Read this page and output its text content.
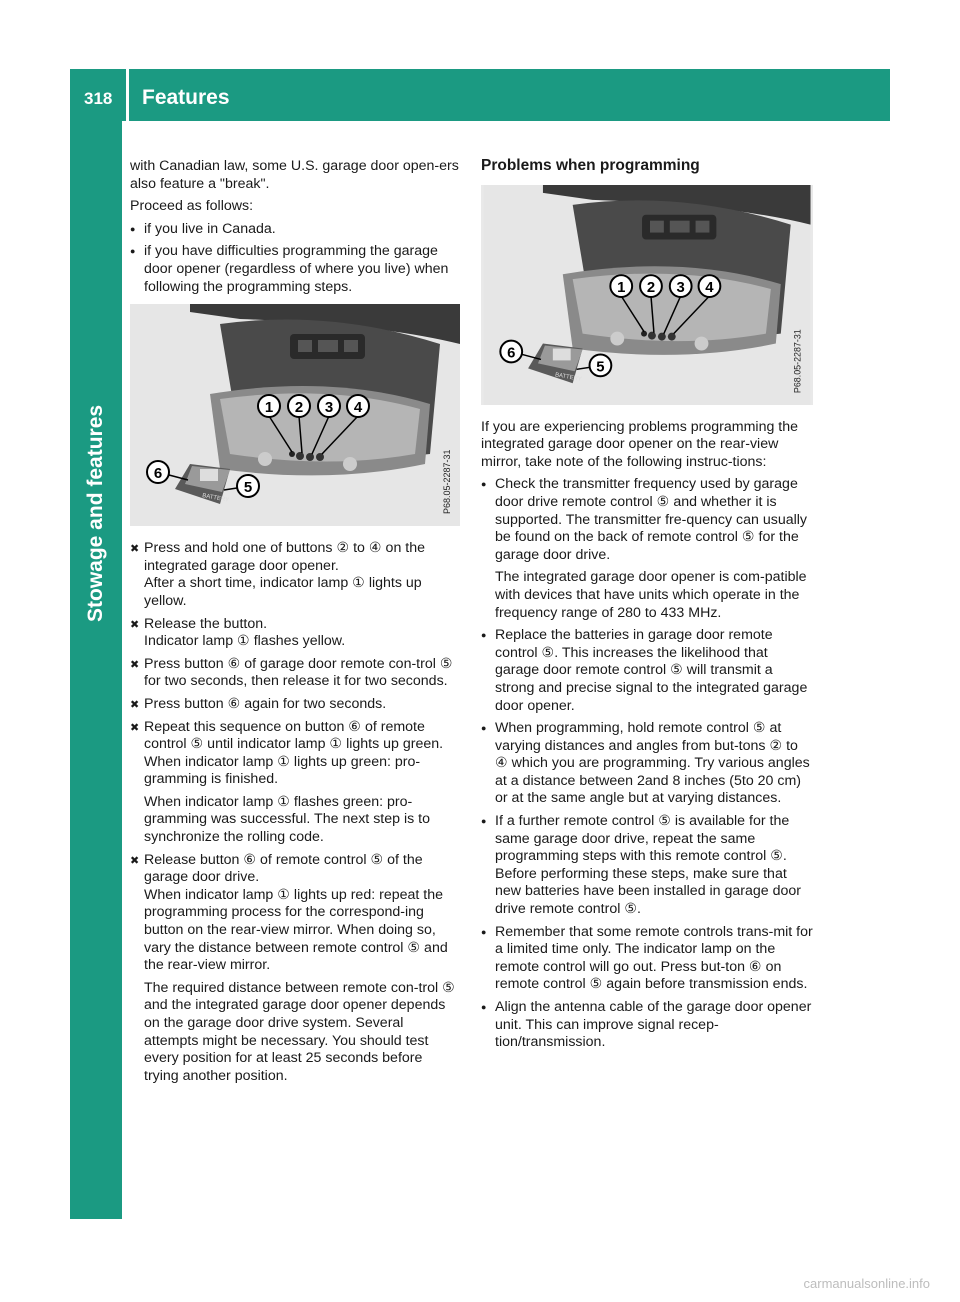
318 Features
Stowage and features

with Canadian law, some U.S. garage door open-ers also feature a "break".

Proceed as follows:

● if you live in Canada.
● if you have difficulties programming the garage door opener (regardless of where you live) when following the programming steps.
1 2 3 4
BATTERY
6
5	P68.05-2287-31
✖ Press and hold one of buttons ② to ④ on the integrated garage door opener.
After a short time, indicator lamp ① lights up yellow.
✖ Release the button.
Indicator lamp ① flashes yellow.
✖ Press button ⑥ of garage door remote con-trol ⑤ for two seconds, then release it for two seconds.
✖ Press button ⑥ again for two seconds.
✖ Repeat this sequence on button ⑥ of remote control ⑤ until indicator lamp ① lights up green.
When indicator lamp ① lights up green: pro-gramming is finished.
When indicator lamp ① flashes green: pro-gramming was successful. The next step is to synchronize the rolling code.
✖ Release button ⑥ of remote control ⑤ of the garage door drive.
When indicator lamp ① lights up red: repeat the programming process for the correspond-ing button on the rear-view mirror. When doing so, vary the distance between remote control ⑤ and the rear-view mirror.
The required distance between remote con-trol ⑤ and the integrated garage door opener depends on the garage door drive system. Several attempts might be necessary. You should test every position for at least 25 seconds before trying another position.
Problems when programming
1 2 3 4
BATTERY
6
5	P68.05-2287-31

If you are experiencing problems programming the integrated garage door opener on the rear-view mirror, take note of the following instruc-tions:

● Check the transmitter frequency used by garage door drive remote control ⑤ and whether it is supported. The transmitter fre-quency can usually be found on the back of remote control ⑤ for the garage door drive.
The integrated garage door opener is com-patible with devices that have units which operate in the frequency range of 280 to 433 MHz.
● Replace the batteries in garage door remote control ⑤. This increases the likelihood that garage door remote control ⑤ will transmit a strong and precise signal to the integrated garage door opener.
● When programming, hold remote control ⑤ at varying distances and angles from but-tons ② to ④ which you are programming. Try various angles at a distance between 2and 8 inches (5to 20 cm) or at the same angle but at varying distances.
● If a further remote control ⑤ is available for the same garage door drive, repeat the same programming steps with this remote control ⑤. Before performing these steps, make sure that new batteries have been installed in garage door drive remote control ⑤.
● Remember that some remote controls trans-mit for a limited time only. The indicator lamp on the remote control will go out. Press but-ton ⑥ on remote control ⑤ again before transmission ends.
● Align the antenna cable of the garage door opener unit. This can improve signal recep-tion/transmission.
carmanualsonline.info
